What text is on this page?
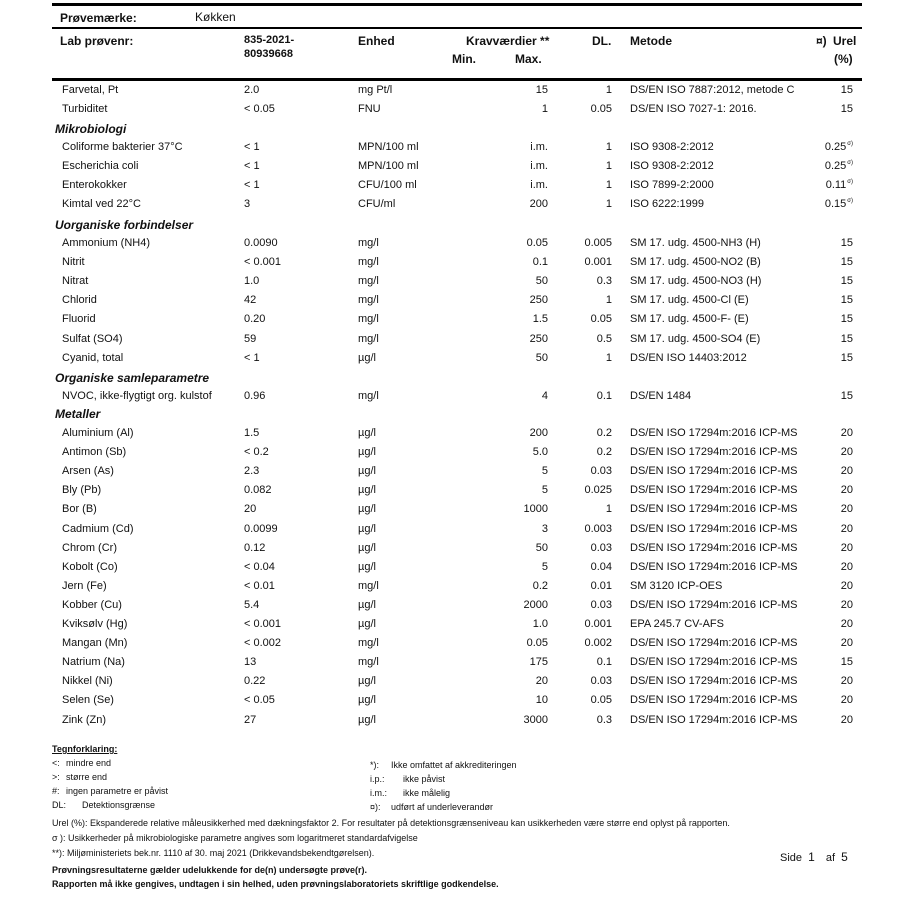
Prøvemærke:	Køkken
Lab prøvenr:	835-2021-
80939668
Enhed	Kravværdier **
Min.	Max.
DL. Metode	¤) Urel
(%)
Farvetal, Pt	2.0	mg Pt/l	15	1 DS/EN ISO 7887:2012, metode C	15
Turbiditet	< 0.05	FNU	1	0.05 DS/EN ISO 7027-1: 2016.	15
Mikrobiologi
Coliforme bakterier 37°C	< 1	MPN/100 ml	i.m.	1 ISO 9308-2:2012	$0.25^{\sigma)}$
Escherichia coli	< 1	MPN/100 ml	i.m.	1 ISO 9308-2:2012	$0.25^{\sigma)}$
Enterokokker	< 1	CFU/100 ml	i.m.	1 ISO 7899-2:2000	$0.11^{\sigma)}$
Kimtal ved 22°C	3	CFU/ml	200	1 ISO 6222:1999	$0.15^{\sigma)}$
Uorganiske forbindelser
Ammonium (NH4)	0.0090	mg/l	0.05	0.005 SM 17. udg. 4500-NH3 (H)	15
Nitrit	< 0.001	mg/l	0.1	0.001 SM 17. udg. 4500-NO2 (B)	15
Nitrat	1.0	mg/l	50	0.3 SM 17. udg. 4500-NO3 (H)	15
Chlorid	42	mg/l	250	1 SM 17. udg. 4500-Cl (E)	15
Fluorid	0.20	mg/l	1.5	0.05 SM 17. udg. 4500-F- (E)	15
Sulfat (SO4)	59	mg/l	250	0.5 SM 17. udg. 4500-SO4 (E)	15
Cyanid, total	< 1	µg/l	50	1 DS/EN ISO 14403:2012	15
Organiske samleparametre
NVOC, ikke-flygtigt org. kulstof	0.96	mg/l	4	0.1 DS/EN 1484	15
Metaller
Aluminium (Al)	1.5	µg/l	200	0.2 DS/EN ISO 17294m:2016 ICP-MS	20
Antimon (Sb)	< 0.2	µg/l	5.0	0.2 DS/EN ISO 17294m:2016 ICP-MS	20
Arsen (As)	2.3	µg/l	5	0.03 DS/EN ISO 17294m:2016 ICP-MS	20
Bly (Pb)	0.082	µg/l	5	0.025 DS/EN ISO 17294m:2016 ICP-MS	20
Bor (B)	20	µg/l	1000	1 DS/EN ISO 17294m:2016 ICP-MS	20
Cadmium (Cd)	0.0099	µg/l	3	0.003 DS/EN ISO 17294m:2016 ICP-MS	20
Chrom (Cr)	0.12	µg/l	50	0.03 DS/EN ISO 17294m:2016 ICP-MS	20
Kobolt (Co)	< 0.04	µg/l	5	0.04 DS/EN ISO 17294m:2016 ICP-MS	20
Jern (Fe)	< 0.01	mg/l	0.2	0.01 SM 3120 ICP-OES	20
Kobber (Cu)	5.4	µg/l	2000	0.03 DS/EN ISO 17294m:2016 ICP-MS	20
Kviksølv (Hg)	< 0.001	µg/l	1.0	0.001 EPA 245.7 CV-AFS	20
Mangan (Mn)	< 0.002	mg/l	0.05	0.002 DS/EN ISO 17294m:2016 ICP-MS	20
Natrium (Na)	13	mg/l	175	0.1 DS/EN ISO 17294m:2016 ICP-MS	15
Nikkel (Ni)	0.22	µg/l	20	0.03 DS/EN ISO 17294m:2016 ICP-MS	20
Selen (Se)	< 0.05	µg/l	10	0.05 DS/EN ISO 17294m:2016 ICP-MS	20
Zink (Zn)	27	µg/l	3000	0.3 DS/EN ISO 17294m:2016 ICP-MS	20
Tegnforklaring:
<: mindre end
>: større end
#: ingen parametre er påvist
DL: Detektionsgrænse
*): Ikke omfattet af akkrediteringen
i.p.: ikke påvist
i.m.: ikke målelig
¤): udført af underleverandør
Urel (%): Ekspanderede relative måleusikkerhed med dækningsfaktor 2. For resultater på detektionsgrænseniveau kan usikkerheden være større end oplyst på rapporten.
σ ): Usikkerheder på mikrobiologiske parametre angives som logaritmeret standardafvigelse
**): Miljøministeriets bek.nr. 1110 af 30. maj 2021 (Drikkevandsbekendtgørelsen).
Prøvningsresultaterne gælder udelukkende for de(n) undersøgte prøve(r).
Rapporten må ikke gengives, undtagen i sin helhed, uden prøvningslaboratoriets skriftlige godkendelse.
Side 1 af 5
